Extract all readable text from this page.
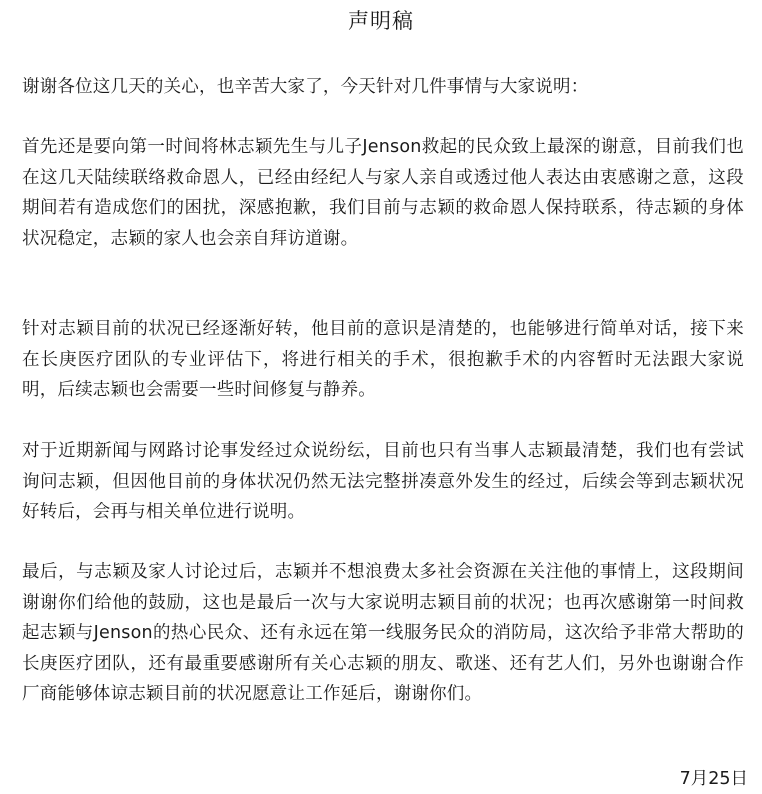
声明稿

谢谢各位这几天的关心，也辛苦大家了，今天针对几件事情与大家说明：

首先还是要向第一时间将林志颖先生与儿子Jenson救起的民众致上最深的谢意，目前我们也在这几天陆续联络救命恩人，已经由经纪人与家人亲自或透过他人表达由衷感谢之意，这段期间若有造成您们的困扰，深感抱歉，我们目前与志颖的救命恩人保持联系，待志颖的身体状况稳定，志颖的家人也会亲自拜访道谢。

针对志颖目前的状况已经逐渐好转，他目前的意识是清楚的，也能够进行简单对话，接下来在长庚医疗团队的专业评估下，将进行相关的手术，很抱歉手术的内容暂时无法跟大家说明，后续志颖也会需要一些时间修复与静养。

对于近期新闻与网路讨论事发经过众说纷纭，目前也只有当事人志颖最清楚，我们也有尝试询问志颖，但因他目前的身体状况仍然无法完整拼凑意外发生的经过，后续会等到志颖状况好转后，会再与相关单位进行说明。

最后，与志颖及家人讨论过后，志颖并不想浪费太多社会资源在关注他的事情上，这段期间谢谢你们给他的鼓励，这也是最后一次与大家说明志颖目前的状况；也再次感谢第一时间救起志颖与Jenson的热心民众、还有永远在第一线服务民众的消防局，这次给予非常大帮助的长庚医疗团队，还有最重要感谢所有关心志颖的朋友、歌迷、还有艺人们，另外也谢谢合作厂商能够体谅志颖目前的状况愿意让工作延后，谢谢你们。

7月25日
